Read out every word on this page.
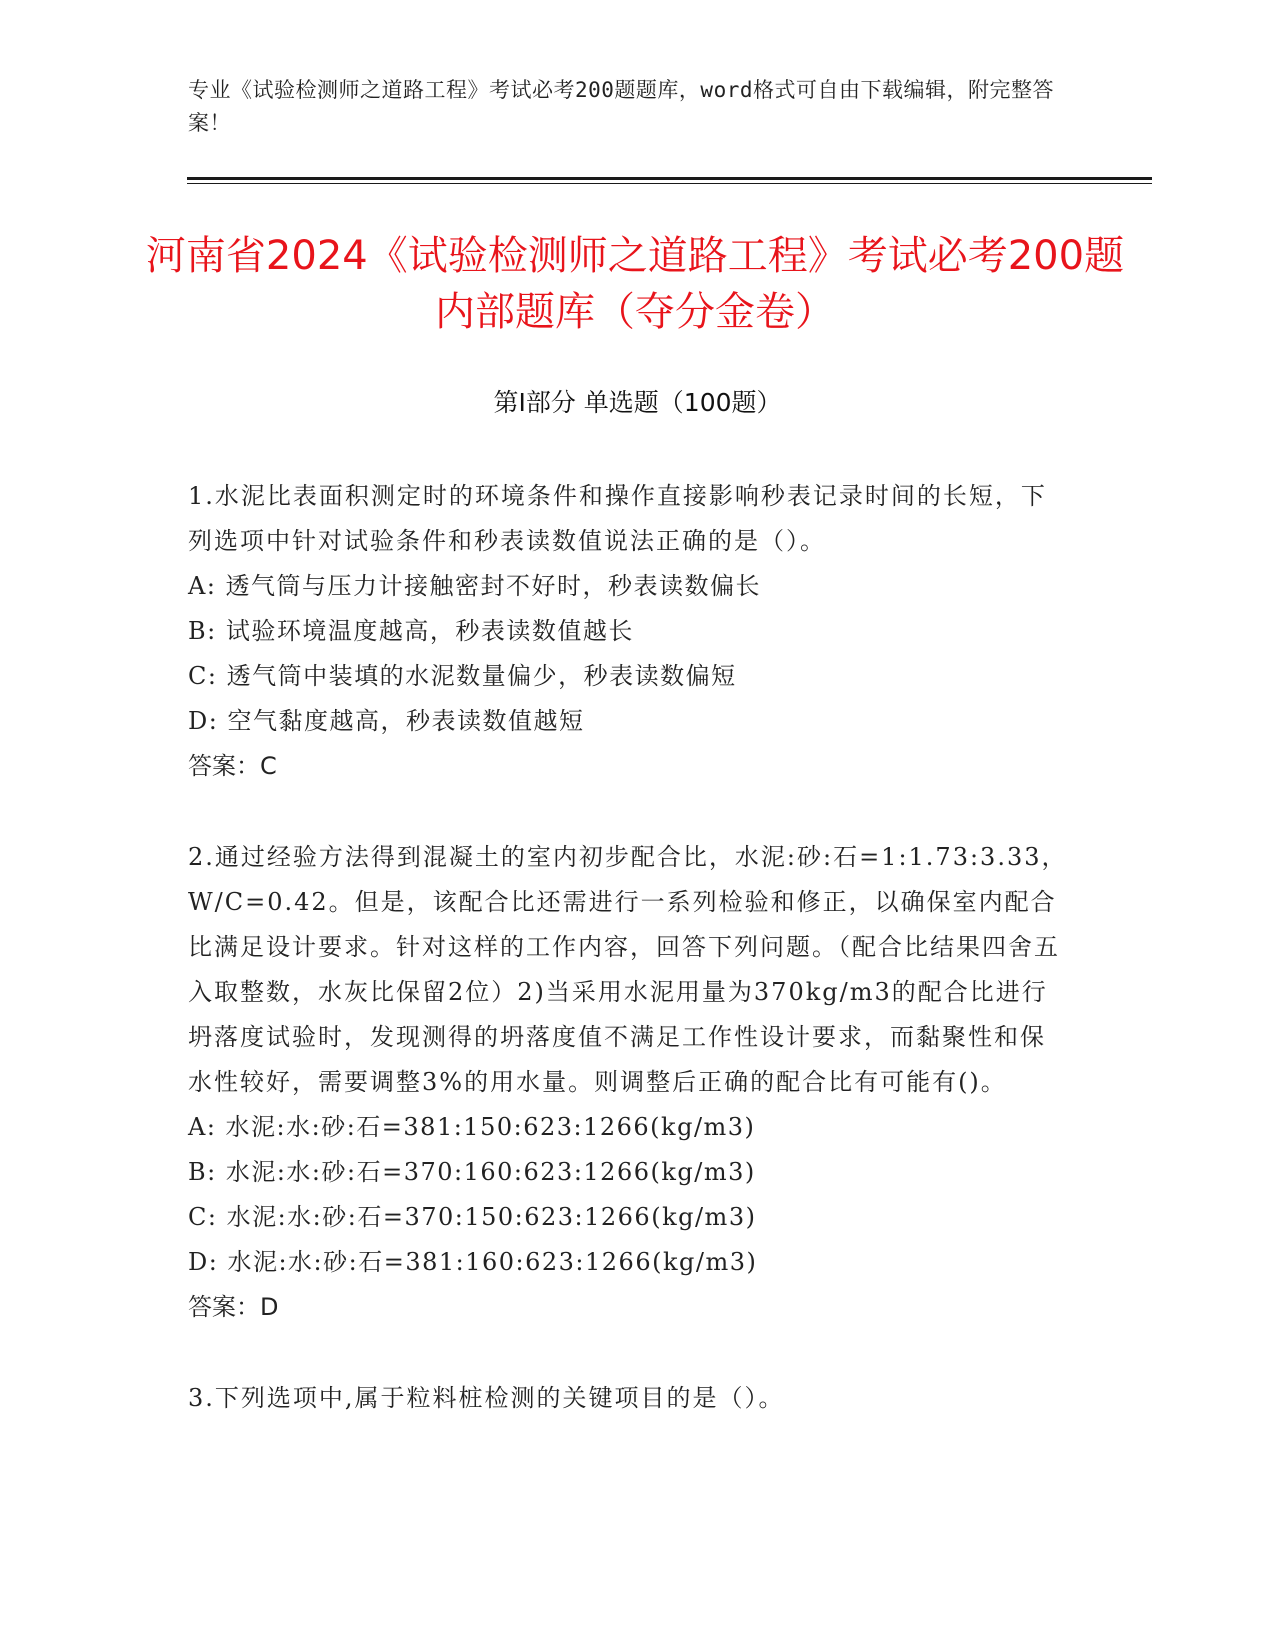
专业《试验检测师之道路工程》考试必考200题题库，word格式可自由下载编辑，附完整答案！
河南省2024《试验检测师之道路工程》考试必考200题内部题库（夺分金卷）
第Ⅰ部分 单选题（100题）

1.水泥比表面积测定时的环境条件和操作直接影响秒表记录时间的长短，下列选项中针对试验条件和秒表读数值说法正确的是（）。

A: 透气筒与压力计接触密封不好时，秒表读数偏长

B: 试验环境温度越高，秒表读数值越长

C: 透气筒中装填的水泥数量偏少，秒表读数偏短

D: 空气黏度越高，秒表读数值越短

答案：C

2.通过经验方法得到混凝土的室内初步配合比，水泥:砂:石=1:1.73:3.33，W/C=0.42。但是，该配合比还需进行一系列检验和修正，以确保室内配合比满足设计要求。针对这样的工作内容，回答下列问题。（配合比结果四舍五入取整数，水灰比保留2位）2)当采用水泥用量为370kg/m3的配合比进行坍落度试验时，发现测得的坍落度值不满足工作性设计要求，而黏聚性和保水性较好，需要调整3%的用水量。则调整后正确的配合比有可能有()。

A: 水泥:水:砂:石=381:150:623:1266(kg/m3)

B: 水泥:水:砂:石=370:160:623:1266(kg/m3)

C: 水泥:水:砂:石=370:150:623:1266(kg/m3)

D: 水泥:水:砂:石=381:160:623:1266(kg/m3)

答案：D

3.下列选项中,属于粒料桩检测的关键项目的是（）。
